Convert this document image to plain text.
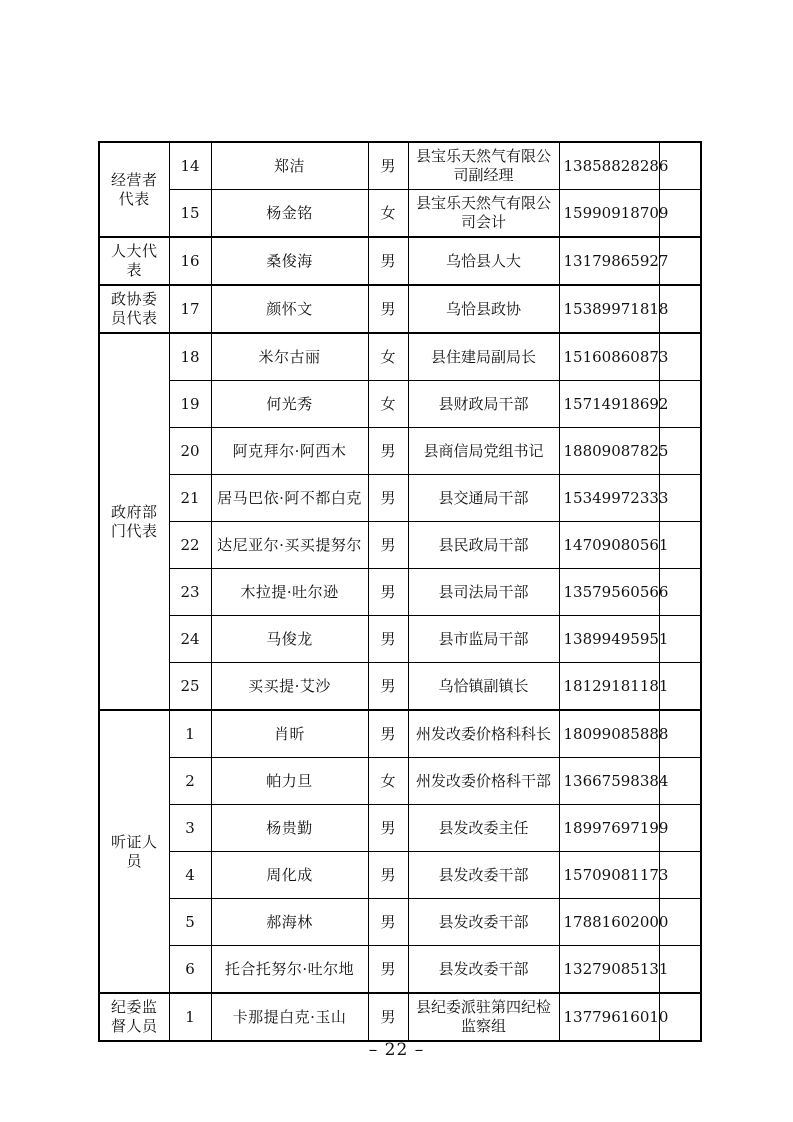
经营者代表	14	郑洁	男	县宝乐天然气有限公司副经理	13858828286	
	15	杨金铭	女	县宝乐天然气有限公司会计	15990918709	
人大代表	16	桑俊海	男	乌恰县人大	13179865927	
政协委员代表	17	颜怀文	男	乌恰县政协	15389971818	
政府部门代表	18	米尔古丽	女	县住建局副局长	15160860873	
	19	何光秀	女	县财政局干部	15714918692	
	20	阿克拜尔·阿西木	男	县商信局党组书记	18809087825	
	21	居马巴依·阿不都白克	男	县交通局干部	15349972333	
	22	达尼亚尔·买买提努尔	男	县民政局干部	14709080561	
	23	木拉提·吐尔逊	男	县司法局干部	13579560566	
	24	马俊龙	男	县市监局干部	13899495951	
	25	买买提·艾沙	男	乌恰镇副镇长	18129181181	
听证人员	1	肖昕	男	州发改委价格科科长	18099085888	
	2	帕力旦	女	州发改委价格科干部	13667598384	
	3	杨贵勤	男	县发改委主任	18997697199	
	4	周化成	男	县发改委干部	15709081173	
	5	郝海林	男	县发改委干部	17881602000	
	6	托合托努尔·吐尔地	男	县发改委干部	13279085131	
纪委监督人员	1	卡那提白克·玉山	男	县纪委派驻第四纪检监察组	13779616010	
– 22 –
